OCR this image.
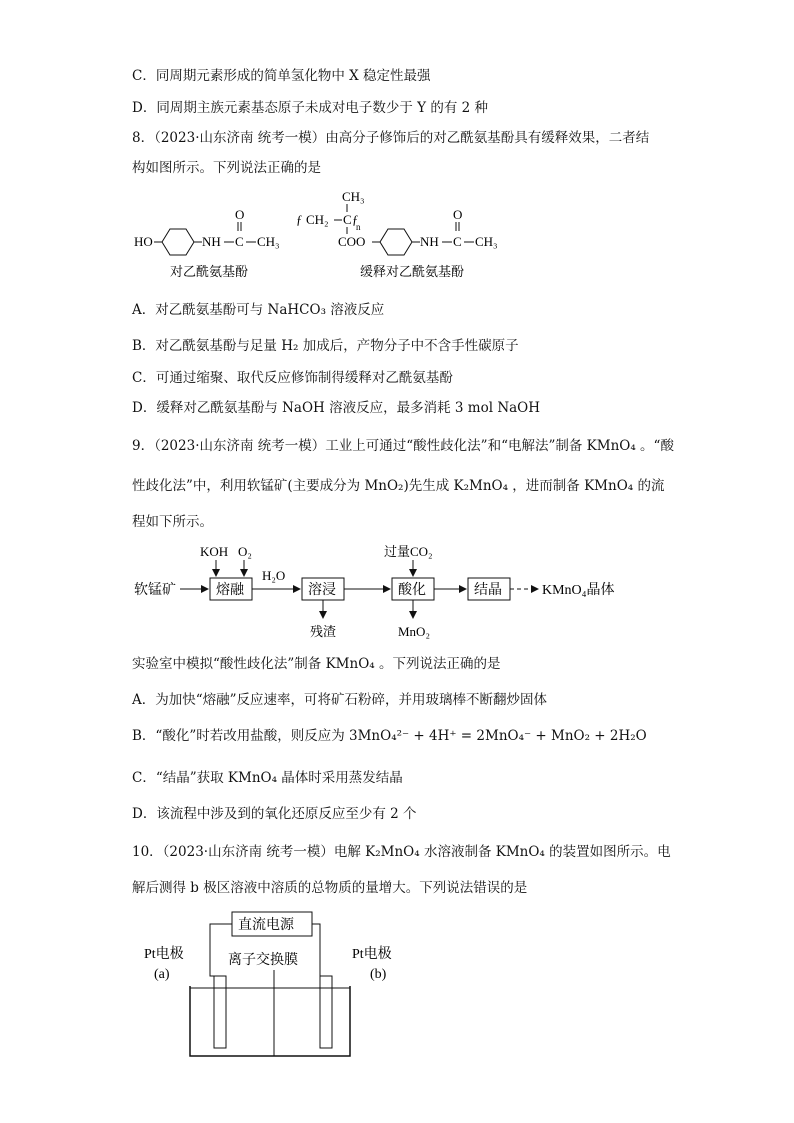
C．同周期元素形成的简单氢化物中 X 稳定性最强
D．同周期主族元素基态原子未成对电子数少于 Y 的有 2 种
8．（2023·山东济南 统考一模）由高分子修饰后的对乙酰氨基酚具有缓释效果，二者结
构如图所示。下列说法正确的是
HO	NH C
O
CH₃
ƒ CH₂ C ƒ
n
CH₃
COO	NH C
O
CH₃
对乙酰氨基酚	缓释对乙酰氨基酚
A．对乙酰氨基酚可与 NaHCO₃ 溶液反应
B．对乙酰氨基酚与足量 H₂ 加成后，产物分子中不含手性碳原子
C．可通过缩聚、取代反应修饰制得缓释对乙酰氨基酚
D．缓释对乙酰氨基酚与 NaOH 溶液反应，最多消耗 3 mol NaOH
9．（2023·山东济南 统考一模）工业上可通过“酸性歧化法”和“电解法”制备 KMnO₄ 。“酸
性歧化法”中，利用软锰矿(主要成分为 MnO₂)先生成 K₂MnO₄ ，进而制备 KMnO₄ 的流
程如下所示。
软锰矿	熔融
KOH O₂
H₂O
溶浸
残渣
酸化
过量CO₂
MnO₂
结晶	KMnO₄晶体
实验室中模拟“酸性歧化法”制备 KMnO₄ 。下列说法正确的是
A．为加快“熔融”反应速率，可将矿石粉碎，并用玻璃棒不断翻炒固体
B．“酸化”时若改用盐酸，则反应为 3MnO₄²⁻ + 4H⁺ = 2MnO₄⁻ + MnO₂ + 2H₂O
C．“结晶”获取 KMnO₄ 晶体时采用蒸发结晶
D．该流程中涉及到的氧化还原反应至少有 2 个
10．（2023·山东济南 统考一模）电解 K₂MnO₄ 水溶液制备 KMnO₄ 的装置如图所示。电
解后测得 b 极区溶液中溶质的总物质的量增大。下列说法错误的是
直流电源
Pt电极
(a)
离子交换膜	Pt电极
(b)
